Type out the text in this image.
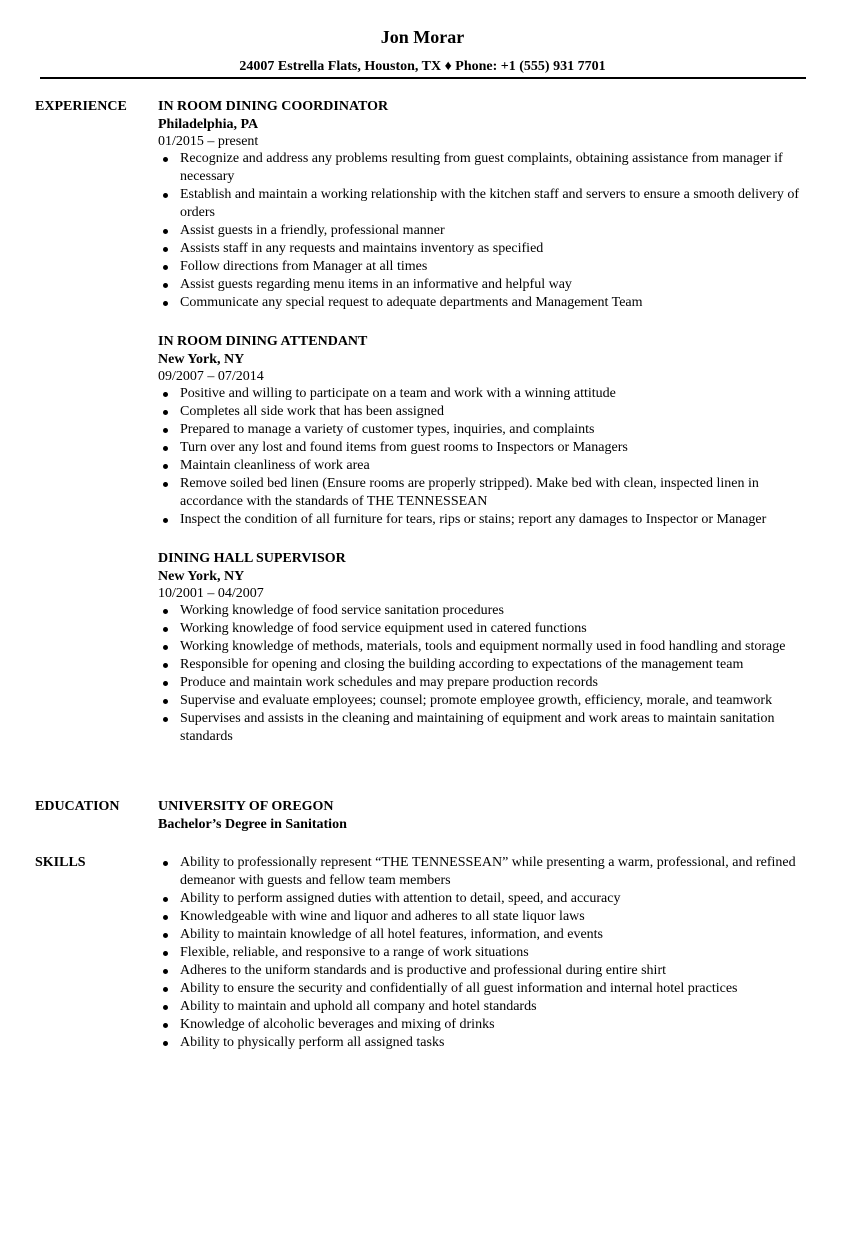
Jon Morar
24007 Estrella Flats, Houston, TX ♦ Phone: +1 (555) 931 7701
EXPERIENCE IN ROOM DINING COORDINATOR
Philadelphia, PA
01/2015 – present
Recognize and address any problems resulting from guest complaints, obtaining assistance from manager if necessary
Establish and maintain a working relationship with the kitchen staff and servers to ensure a smooth delivery of orders
Assist guests in a friendly, professional manner
Assists staff in any requests and maintains inventory as specified
Follow directions from Manager at all times
Assist guests regarding menu items in an informative and helpful way
Communicate any special request to adequate departments and Management Team
IN ROOM DINING ATTENDANT
New York, NY
09/2007 – 07/2014
Positive and willing to participate on a team and work with a winning attitude
Completes all side work that has been assigned
Prepared to manage a variety of customer types, inquiries, and complaints
Turn over any lost and found items from guest rooms to Inspectors or Managers
Maintain cleanliness of work area
Remove soiled bed linen (Ensure rooms are properly stripped). Make bed with clean, inspected linen in accordance with the standards of THE TENNESSEAN
Inspect the condition of all furniture for tears, rips or stains; report any damages to Inspector or Manager
DINING HALL SUPERVISOR
New York, NY
10/2001 – 04/2007
Working knowledge of food service sanitation procedures
Working knowledge of food service equipment used in catered functions
Working knowledge of methods, materials, tools and equipment normally used in food handling and storage
Responsible for opening and closing the building according to expectations of the management team
Produce and maintain work schedules and may prepare production records
Supervise and evaluate employees; counsel; promote employee growth, efficiency, morale, and teamwork
Supervises and assists in the cleaning and maintaining of equipment and work areas to maintain sanitation standards
EDUCATION	UNIVERSITY OF OREGON
Bachelor’s Degree in Sanitation
SKILLS	Ability to professionally represent “THE TENNESSEAN” while presenting a warm, professional, and refined demeanor with guests and fellow team members
Ability to perform assigned duties with attention to detail, speed, and accuracy
Knowledgeable with wine and liquor and adheres to all state liquor laws
Ability to maintain knowledge of all hotel features, information, and events
Flexible, reliable, and responsive to a range of work situations
Adheres to the uniform standards and is productive and professional during entire shirt
Ability to ensure the security and confidentially of all guest information and internal hotel practices
Ability to maintain and uphold all company and hotel standards
Knowledge of alcoholic beverages and mixing of drinks
Ability to physically perform all assigned tasks
